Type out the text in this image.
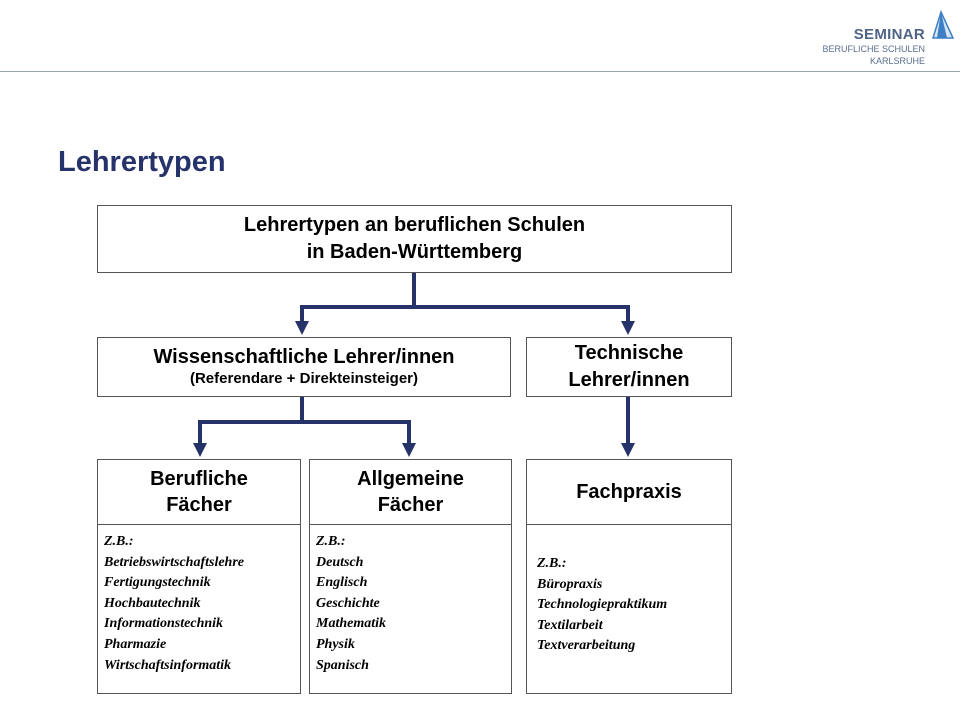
SEMINAR
BERUFLICHE SCHULEN
KARLSRUHE
Lehrertypen
Lehrertypen an beruflichen Schulen
in Baden-Württemberg
Wissenschaftliche Lehrer/innen
(Referendare + Direkteinsteiger)
Technische
Lehrer/innen
Berufliche
Fächer
Z.B.:
Betriebswirtschaftslehre
Fertigungstechnik
Hochbautechnik
Informationstechnik
Pharmazie
Wirtschaftsinformatik
Allgemeine
Fächer
Z.B.:
Deutsch
Englisch
Geschichte
Mathematik
Physik
Spanisch
Fachpraxis
Z.B.:
Büropraxis
Technologiepraktikum
Textilarbeit
Textverarbeitung
